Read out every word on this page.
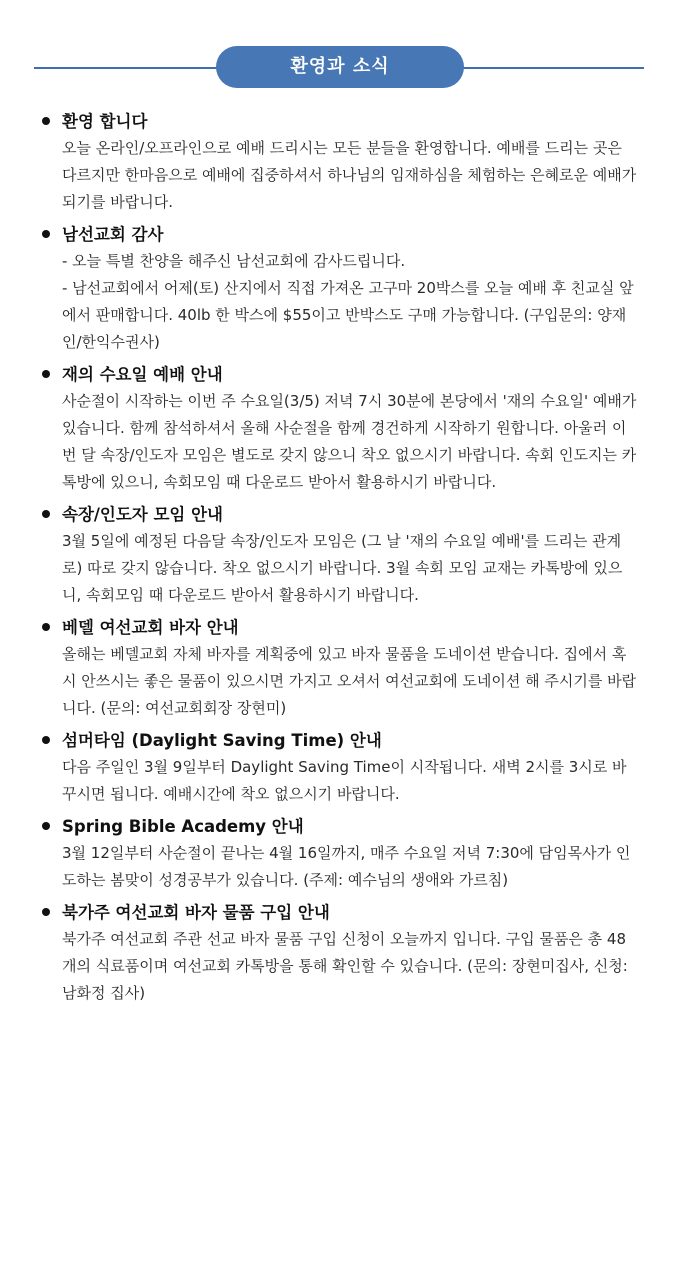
환영과 소식
환영 합니다

오늘 온라인/오프라인으로 예배 드리시는 모든 분들을 환영합니다. 예배를 드리는 곳은 다르지만 한마음으로 예배에 집중하셔서 하나님의 임재하심을 체험하는 은혜로운 예배가 되기를 바랍니다.

남선교회 감사

- 오늘 특별 찬양을 해주신 남선교회에 감사드립니다.

- 남선교회에서 어제(토) 산지에서 직접 가져온 고구마 20박스를 오늘 예배 후 친교실 앞에서 판매합니다. 40lb 한 박스에 $55이고 반박스도 구매 가능합니다. (구입문의: 양재인/한익수권사)

재의 수요일 예배 안내

사순절이 시작하는 이번 주 수요일(3/5) 저녁 7시 30분에 본당에서 '재의 수요일' 예배가 있습니다. 함께 참석하셔서 올해 사순절을 함께 경건하게 시작하기 원합니다. 아울러 이번 달 속장/인도자 모임은 별도로 갖지 않으니 착오 없으시기 바랍니다. 속회 인도지는 카톡방에 있으니, 속회모임 때 다운로드 받아서 활용하시기 바랍니다.

속장/인도자 모임 안내

3월 5일에 예정된 다음달 속장/인도자 모임은 (그 날 '재의 수요일 예배'를 드리는 관계로) 따로 갖지 않습니다. 착오 없으시기 바랍니다. 3월 속회 모임 교재는 카톡방에 있으니, 속회모임 때 다운로드 받아서 활용하시기 바랍니다.

베델 여선교회 바자 안내

올해는 베델교회 자체 바자를 계획중에 있고 바자 물품을 도네이션 받습니다. 집에서 혹시 안쓰시는 좋은 물품이 있으시면 가지고 오셔서 여선교회에 도네이션 해 주시기를 바랍니다. (문의: 여선교회회장 장현미)

섬머타임 (Daylight Saving Time) 안내

다음 주일인 3월 9일부터 Daylight Saving Time이 시작됩니다. 새벽 2시를 3시로 바꾸시면 됩니다. 예배시간에 착오 없으시기 바랍니다.

Spring Bible Academy 안내

3월 12일부터 사순절이 끝나는 4월 16일까지, 매주 수요일 저녁 7:30에 담임목사가 인도하는 봄맞이 성경공부가 있습니다. (주제: 예수님의 생애와 가르침)

북가주 여선교회 바자 물품 구입 안내

북가주 여선교회 주관 선교 바자 물품 구입 신청이 오늘까지 입니다. 구입 물품은 총 48개의 식료품이며 여선교회 카톡방을 통해 확인할 수 있습니다. (문의: 장현미집사, 신청: 남화정 집사)
